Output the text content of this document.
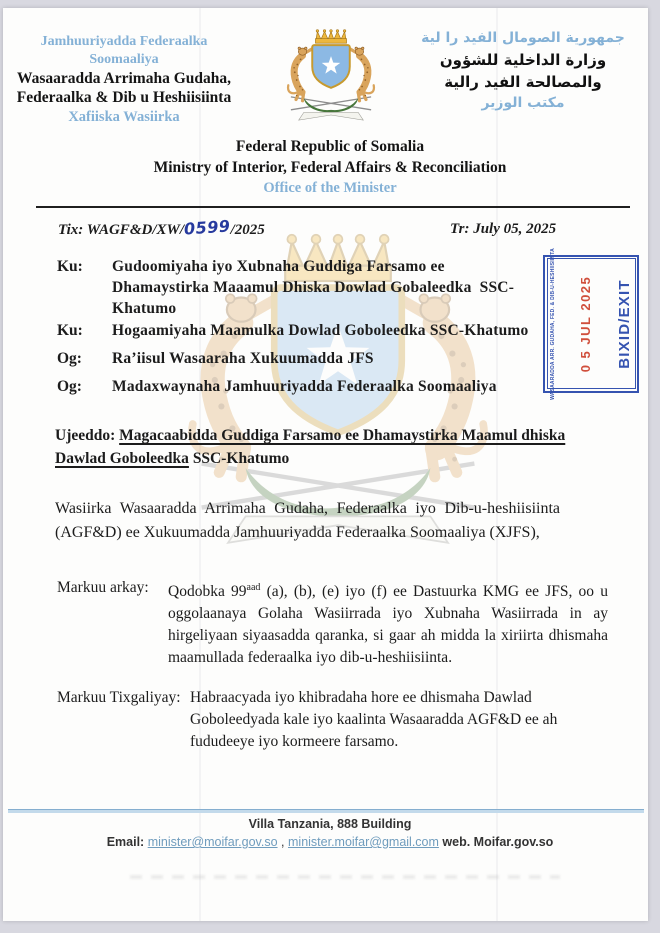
Jamhuuriyadda Federaalka Soomaaliya
Wasaaradda Arrimaha Gudaha,
Federaalka & Dib u Heshiisiinta
Xafiiska Wasiirka
جمهورية الصومال الفيد را لية
وزارة الداخلية للشؤون
والمصالحة الفيد رالية
مكتب الوزير
Federal Republic of Somalia
Ministry of Interior, Federal Affairs & Reconciliation
Office of the Minister
Tix: WAGF&D/XW/0599/2025	Tr: July 05, 2025
Ku:	Gudoomiyaha iyo Xubnaha Guddiga Farsamo ee Dhamaystirka Maaamul Dhiska Dowlad Gobaleedka  SSC-Khatumo
Ku:	Hogaamiyaha Maamulka Dowlad Goboleedka SSC-Khatumo
Og:	Ra’iisul Wasaaraha Xukuumadda JFS
Og:	Madaxwaynaha Jamhuuriyadda Federaalka Soomaaliya	WASAARADDA ARR. GUDAHA, FED. & DIB-U-HESHIISIINTA 0 5 JUL 2025 BIXID/EXIT
Ujeeddo: Magacaabidda Guddiga Farsamo ee Dhamaystirka Maamul dhiska Dawlad Goboleedka SSC-Khatumo
Wasiirka Wasaaradda Arrimaha Gudaha, Federaalka iyo Dib-u-heshiisiinta (AGF&D) ee Xukuumadda Jamhuuriyadda Federaalka Soomaaliya (XJFS),
Markuu arkay: Qodobka $99^{aad}$ (a), (b), (e) iyo (f) ee Dastuurka KMG ee JFS, oo u oggolaanaya Golaha Wasiirrada iyo Xubnaha Wasiirrada in ay hirgeliyaan siyaasadda qaranka, si gaar ah midda la xiriirta dhismaha maamullada federaalka iyo dib-u-heshiisiinta.
Markuu Tixgaliyay: Habraacyada iyo khibradaha hore ee dhismaha Dawlad Goboleedyada kale iyo kaalinta Wasaaradda AGF&D ee ah fududeeye iyo kormeere farsamo.
Villa Tanzania, 888 Building
Email: minister@moifar.gov.so , minister.moifar@gmail.com web. Moifar.gov.so
